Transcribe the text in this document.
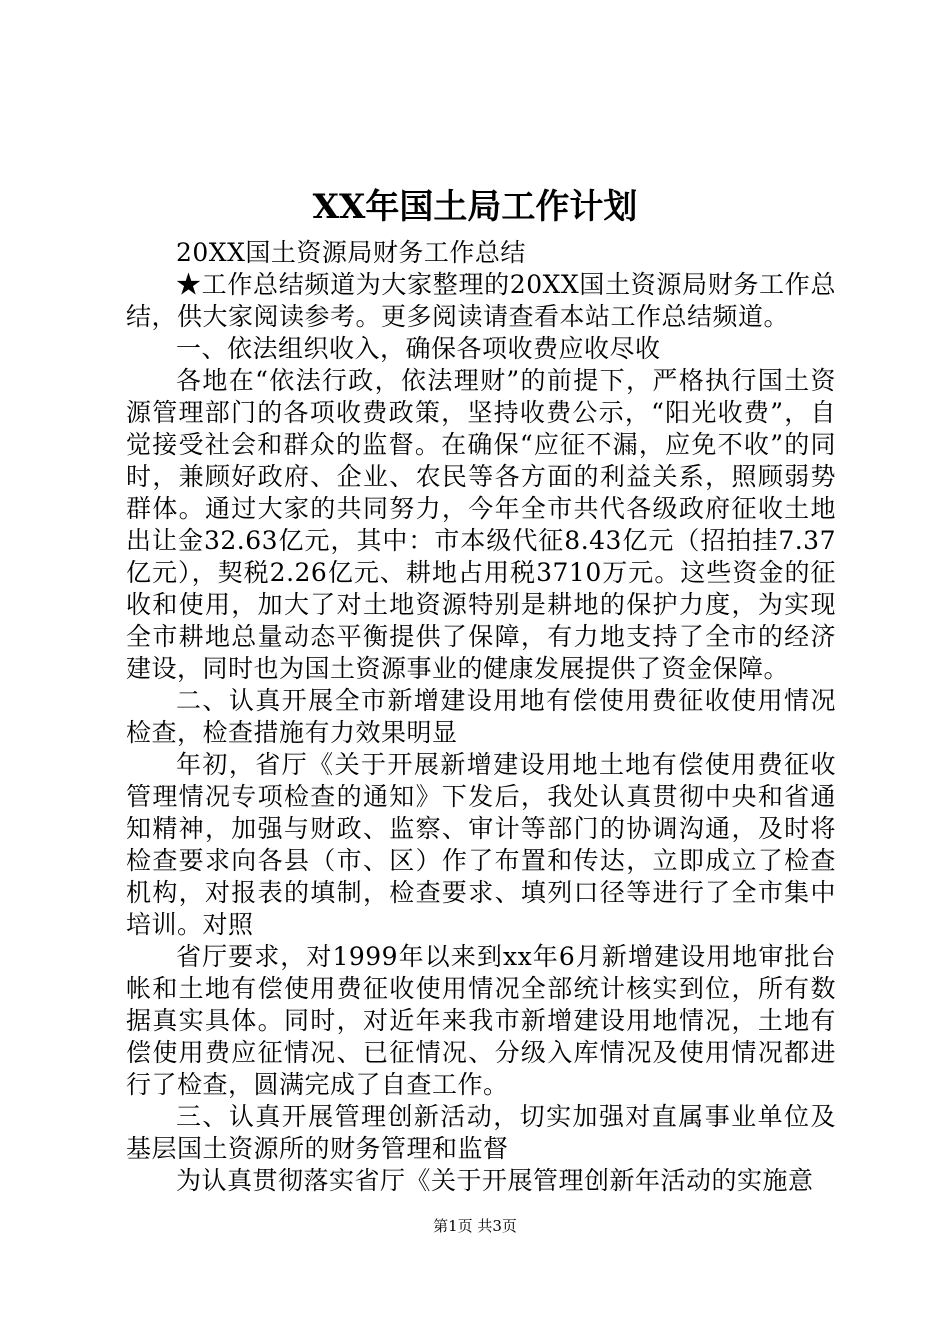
XX年国土局工作计划

20XX国土资源局财务工作总结

★工作总结频道为大家整理的20XX国土资源局财务工作总结，供大家阅读参考。更多阅读请查看本站工作总结频道。

一、依法组织收入，确保各项收费应收尽收

各地在“依法行政，依法理财”的前提下，严格执行国土资源管理部门的各项收费政策，坚持收费公示，“阳光收费”，自觉接受社会和群众的监督。在确保“应征不漏，应免不收”的同时，兼顾好政府、企业、农民等各方面的利益关系，照顾弱势群体。通过大家的共同努力，今年全市共代各级政府征收土地出让金32.63亿元，其中：市本级代征8.43亿元（招拍挂7.37亿元），契税2.26亿元、耕地占用税3710万元。这些资金的征收和使用，加大了对土地资源特别是耕地的保护力度，为实现全市耕地总量动态平衡提供了保障，有力地支持了全市的经济建设，同时也为国土资源事业的健康发展提供了资金保障。

二、认真开展全市新增建设用地有偿使用费征收使用情况检查，检查措施有力效果明显

年初，省厅《关于开展新增建设用地土地有偿使用费征收管理情况专项检查的通知》下发后，我处认真贯彻中央和省通知精神，加强与财政、监察、审计等部门的协调沟通，及时将检查要求向各县（市、区）作了布置和传达，立即成立了检查机构，对报表的填制，检查要求、填列口径等进行了全市集中培训。对照

省厅要求，对1999年以来到xx年6月新增建设用地审批台帐和土地有偿使用费征收使用情况全部统计核实到位，所有数据真实具体。同时，对近年来我市新增建设用地情况，土地有偿使用费应征情况、已征情况、分级入库情况及使用情况都进行了检查，圆满完成了自查工作。

三、认真开展管理创新活动，切实加强对直属事业单位及基层国土资源所的财务管理和监督

为认真贯彻落实省厅《关于开展管理创新年活动的实施意

第1页 共3页
